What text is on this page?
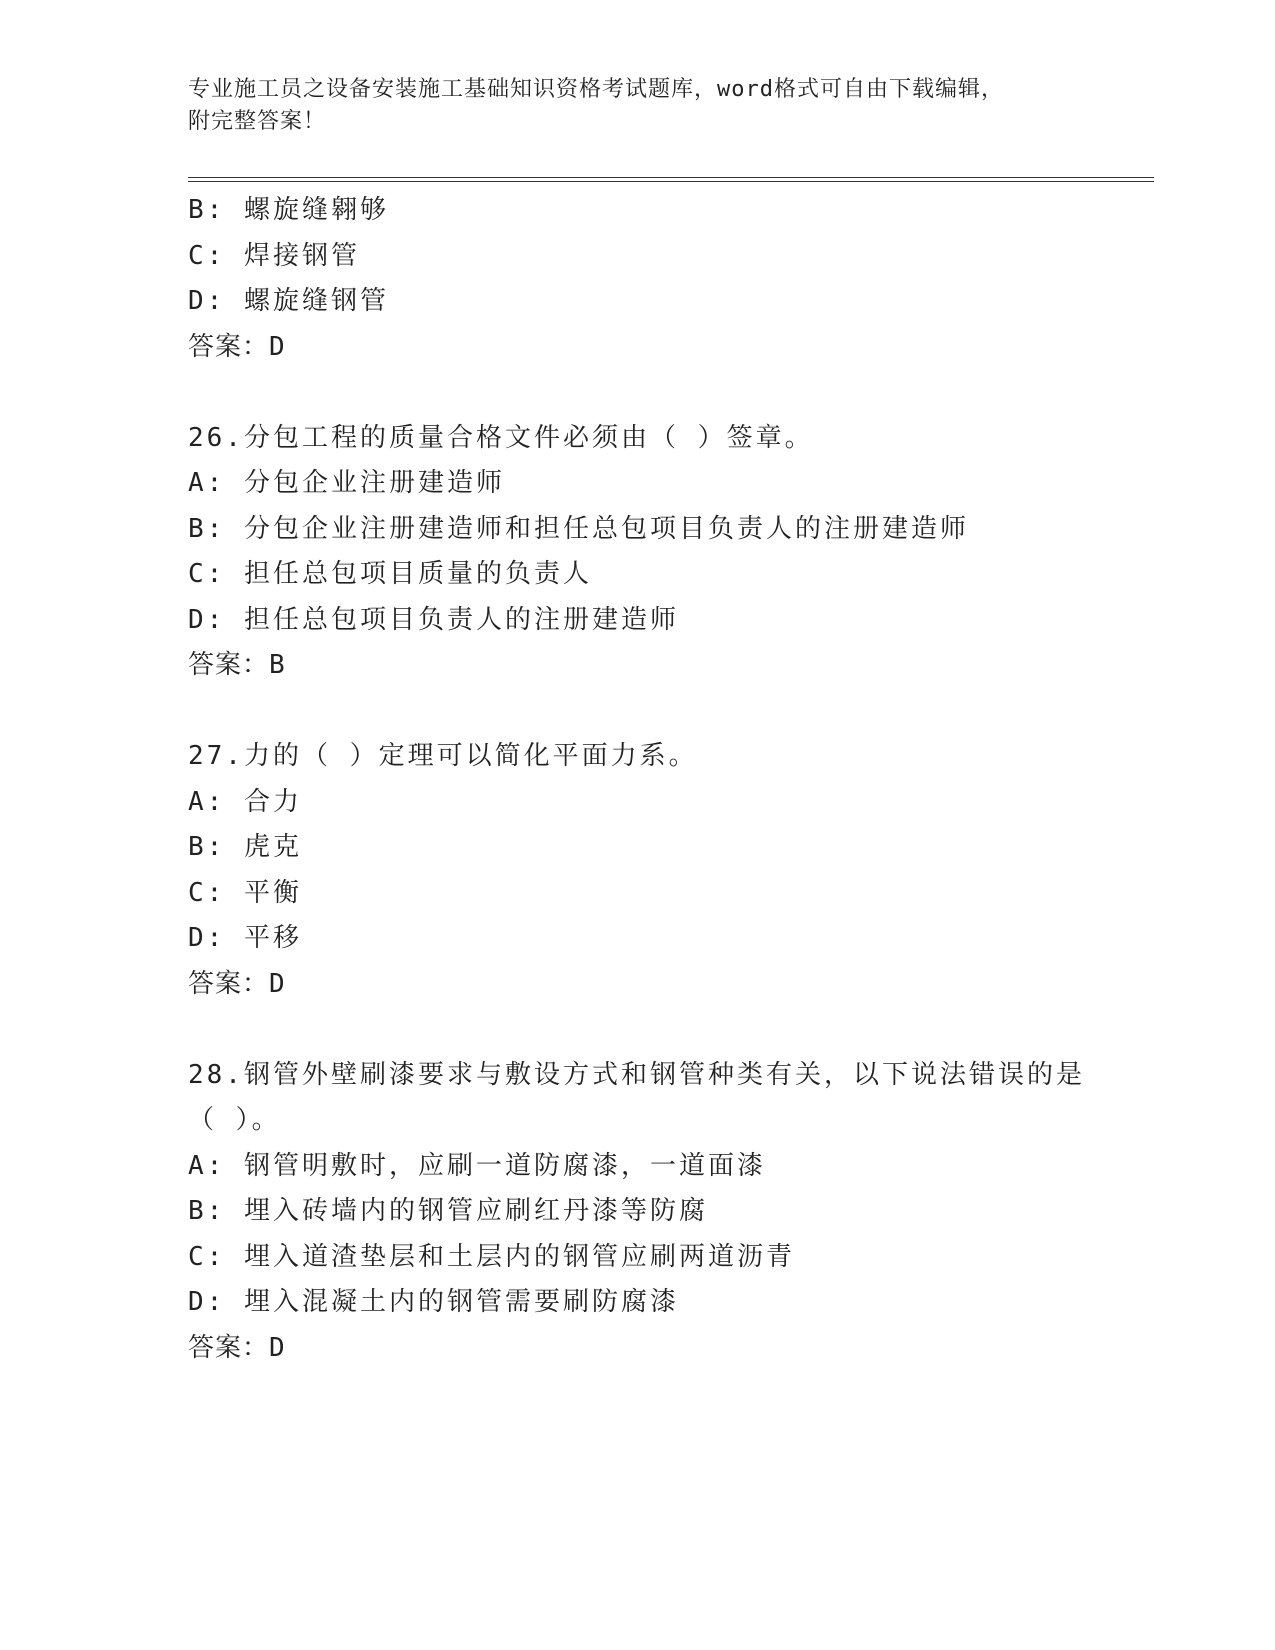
专业施工员之设备安装施工基础知识资格考试题库，word格式可自由下载编辑，
附完整答案！
B: 螺旋缝翱够
C: 焊接钢管
D: 螺旋缝钢管
答案：D
26.分包工程的质量合格文件必须由（ ）签章。
A: 分包企业注册建造师
B: 分包企业注册建造师和担任总包项目负责人的注册建造师
C: 担任总包项目质量的负责人
D: 担任总包项目负责人的注册建造师
答案：B
27.力的（ ）定理可以简化平面力系。
A: 合力
B: 虎克
C: 平衡
D: 平移
答案：D
28.钢管外壁刷漆要求与敷设方式和钢管种类有关，以下说法错误的是
（ ）。
A: 钢管明敷时，应刷一道防腐漆，一道面漆
B: 埋入砖墙内的钢管应刷红丹漆等防腐
C: 埋入道渣垫层和土层内的钢管应刷两道沥青
D: 埋入混凝土内的钢管需要刷防腐漆
答案：D
